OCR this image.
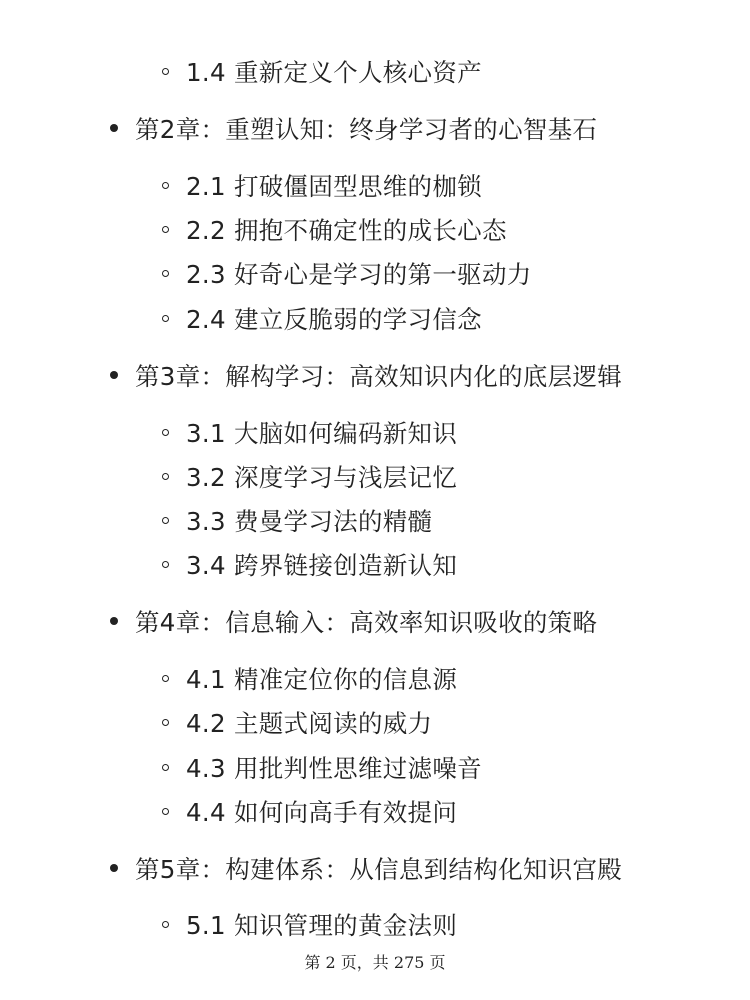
1.4 重新定义个人核心资产
第2章：重塑认知：终身学习者的心智基石
2.1 打破僵固型思维的枷锁
2.2 拥抱不确定性的成长心态
2.3 好奇心是学习的第一驱动力
2.4 建立反脆弱的学习信念
第3章：解构学习：高效知识内化的底层逻辑
3.1 大脑如何编码新知识
3.2 深度学习与浅层记忆
3.3 费曼学习法的精髓
3.4 跨界链接创造新认知
第4章：信息输入：高效率知识吸收的策略
4.1 精准定位你的信息源
4.2 主题式阅读的威力
4.3 用批判性思维过滤噪音
4.4 如何向高手有效提问
第5章：构建体系：从信息到结构化知识宫殿
5.1 知识管理的黄金法则
第 2 页，共 275 页
